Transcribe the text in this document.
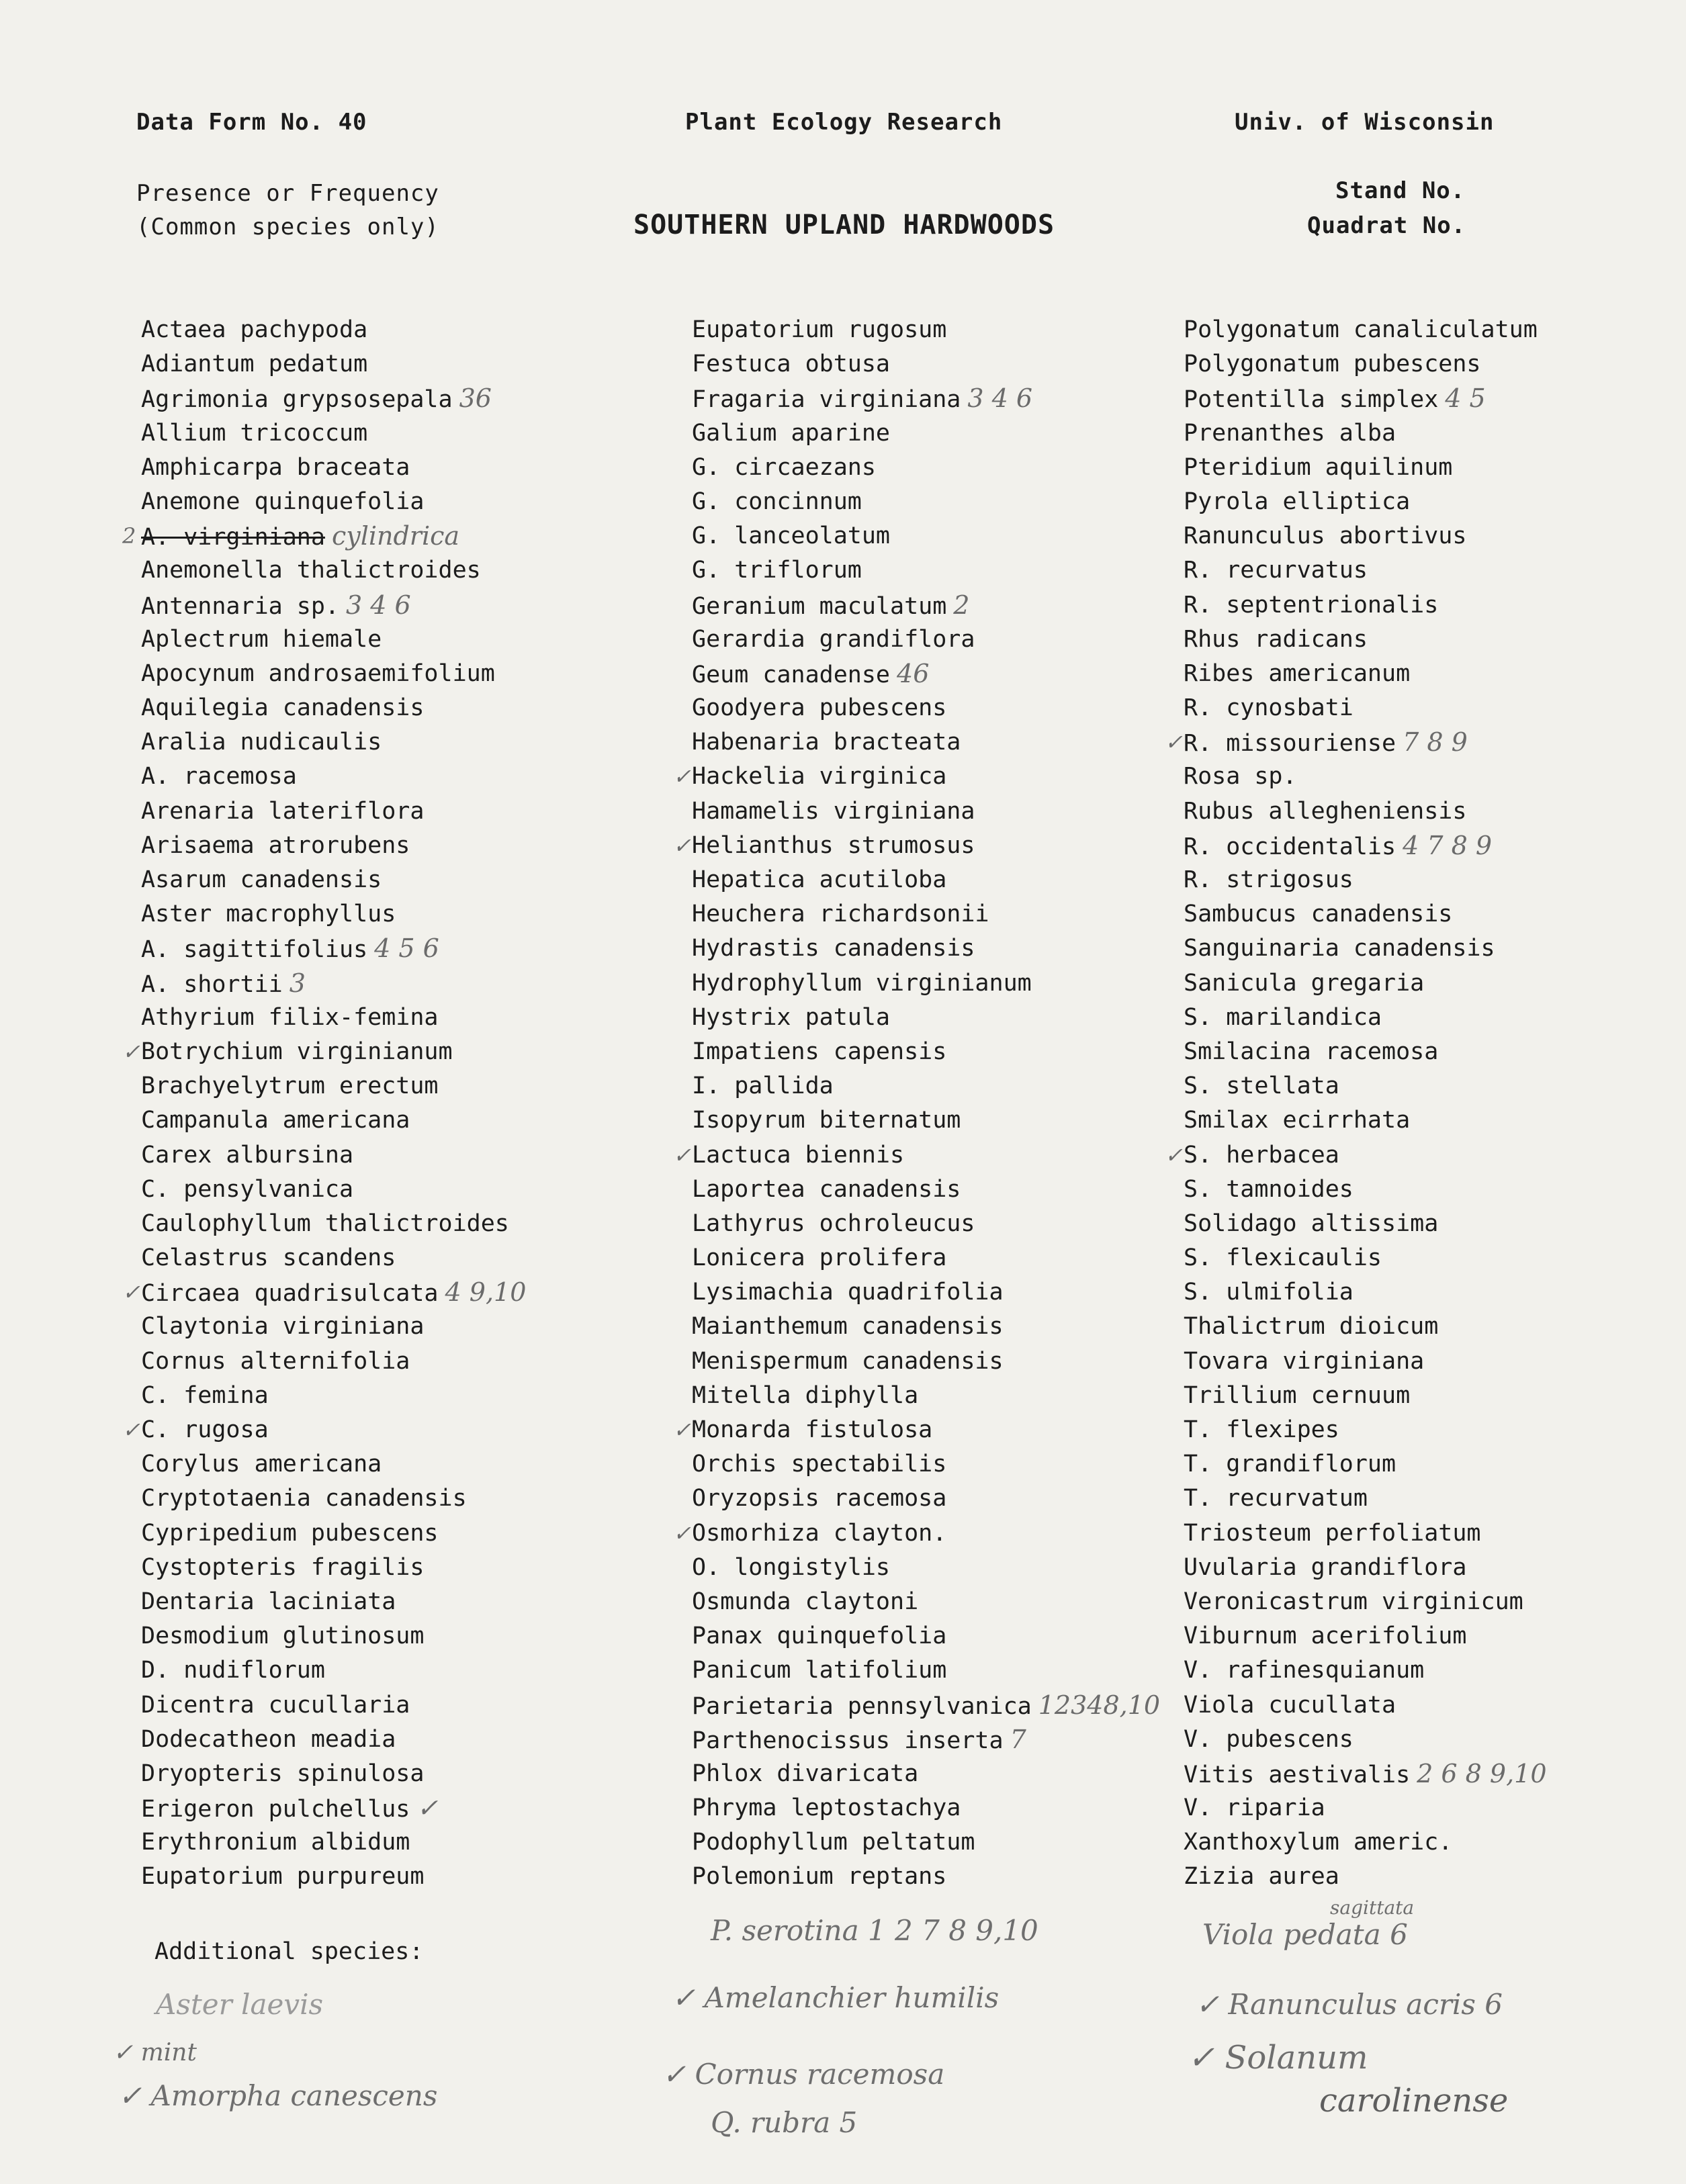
Data Form No. 40	Plant Ecology Research	Univ. of Wisconsin
Presence or Frequency
(Common species only)	SOUTHERN UPLAND HARDWOODS
Stand No.
Quadrat No.
Actaea pachypoda
Adiantum pedatum
Agrimonia grypsosepala 36
Allium tricoccum
Amphicarpa braceata
Anemone quinquefolia
2 A. virginiana cylindrica
Anemonella thalictroides
Antennaria sp. 3 4 6
Aplectrum hiemale
Apocynum androsaemifolium
Aquilegia canadensis
Aralia nudicaulis
A. racemosa
Arenaria lateriflora
Arisaema atrorubens
Asarum canadensis
Aster macrophyllus
A. sagittifolius 4 5 6
A. shortii 3
Athyrium filix-femina
✓ Botrychium virginianum
Brachyelytrum erectum
Campanula americana
Carex albursina
C. pensylvanica
Caulophyllum thalictroides
Celastrus scandens
✓ Circaea quadrisulcata 4 9,10
Claytonia virginiana
Cornus alternifolia
C. femina
✓ C. rugosa
Corylus americana
Cryptotaenia canadensis
Cypripedium pubescens
Cystopteris fragilis
Dentaria laciniata
Desmodium glutinosum
D. nudiflorum
Dicentra cucullaria
Dodecatheon meadia
Dryopteris spinulosa
Erigeron pulchellus ✓
Erythronium albidum
Eupatorium purpureum
Eupatorium rugosum
Festuca obtusa
Fragaria virginiana 3 4 6
Galium aparine
G. circaezans
G. concinnum
G. lanceolatum
G. triflorum
Geranium maculatum 2
Gerardia grandiflora
Geum canadense 46
Goodyera pubescens
Habenaria bracteata
✓ Hackelia virginica
Hamamelis virginiana
✓ Helianthus strumosus
Hepatica acutiloba
Heuchera richardsonii
Hydrastis canadensis
Hydrophyllum virginianum
Hystrix patula
Impatiens capensis
I. pallida
Isopyrum biternatum
✓ Lactuca biennis
Laportea canadensis
Lathyrus ochroleucus
Lonicera prolifera
Lysimachia quadrifolia
Maianthemum canadensis
Menispermum canadensis
Mitella diphylla
✓ Monarda fistulosa
Orchis spectabilis
Oryzopsis racemosa
✓ Osmorhiza clayton.
O. longistylis
Osmunda claytoni
Panax quinquefolia
Panicum latifolium
Parietaria pennsylvanica 12348,10
Parthenocissus inserta 7
Phlox divaricata
Phryma leptostachya
Podophyllum peltatum
Polemonium reptans
Polygonatum canaliculatum
Polygonatum pubescens
Potentilla simplex 4 5
Prenanthes alba
Pteridium aquilinum
Pyrola elliptica
Ranunculus abortivus
R. recurvatus
R. septentrionalis
Rhus radicans
Ribes americanum
R. cynosbati
✓ R. missouriense 7 8 9
Rosa sp.
Rubus allegheniensis
R. occidentalis 4 7 8 9
R. strigosus
Sambucus canadensis
Sanguinaria canadensis
Sanicula gregaria
S. marilandica
Smilacina racemosa
S. stellata
Smilax ecirrhata
✓ S. herbacea
S. tamnoides
Solidago altissima
S. flexicaulis
S. ulmifolia
Thalictrum dioicum
Tovara virginiana
Trillium cernuum
T. flexipes
T. grandiflorum
T. recurvatum
Triosteum perfoliatum
Uvularia grandiflora
Veronicastrum virginicum
Viburnum acerifolium
V. rafinesquianum
Viola cucullata
V. pubescens
Vitis aestivalis 2 6 8 9,10
V. riparia
Xanthoxylum americ.
Zizia aurea
Additional species:
Aster laevis
✓ mint
✓ Amorpha canescens
P. serotina 1 2 7 8 9,10
✓ Amelanchier humilis
✓ Cornus racemosa
Q. rubra 5
sagittata
Viola pedata 6
✓ Ranunculus acris 6
✓ Solanum
carolinense
